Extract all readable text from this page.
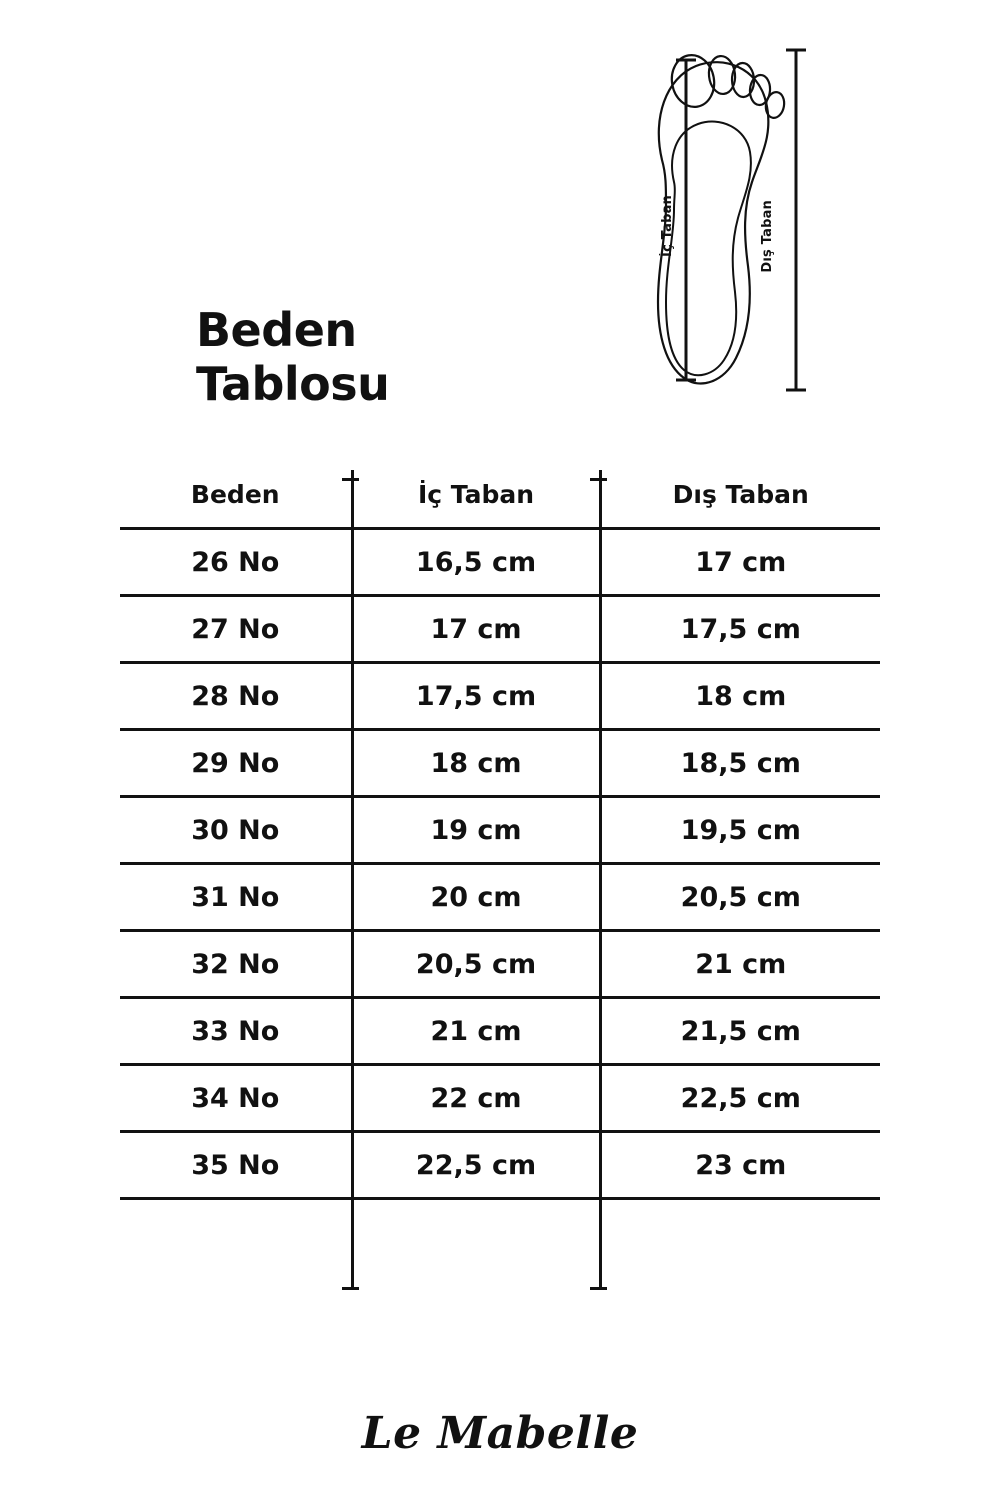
İç Taban	Dış Taban
Beden
Tablosu
Beden	İç Taban	Dış Taban
26 No	16,5 cm	17 cm
27 No	17 cm	17,5 cm
28 No	17,5 cm	18 cm
29 No	18 cm	18,5 cm
30 No	19 cm	19,5 cm
31 No	20 cm	20,5 cm
32 No	20,5 cm	21 cm
33 No	21 cm	21,5 cm
34 No	22 cm	22,5 cm
35 No	22,5 cm	23 cm
Le Mabelle
